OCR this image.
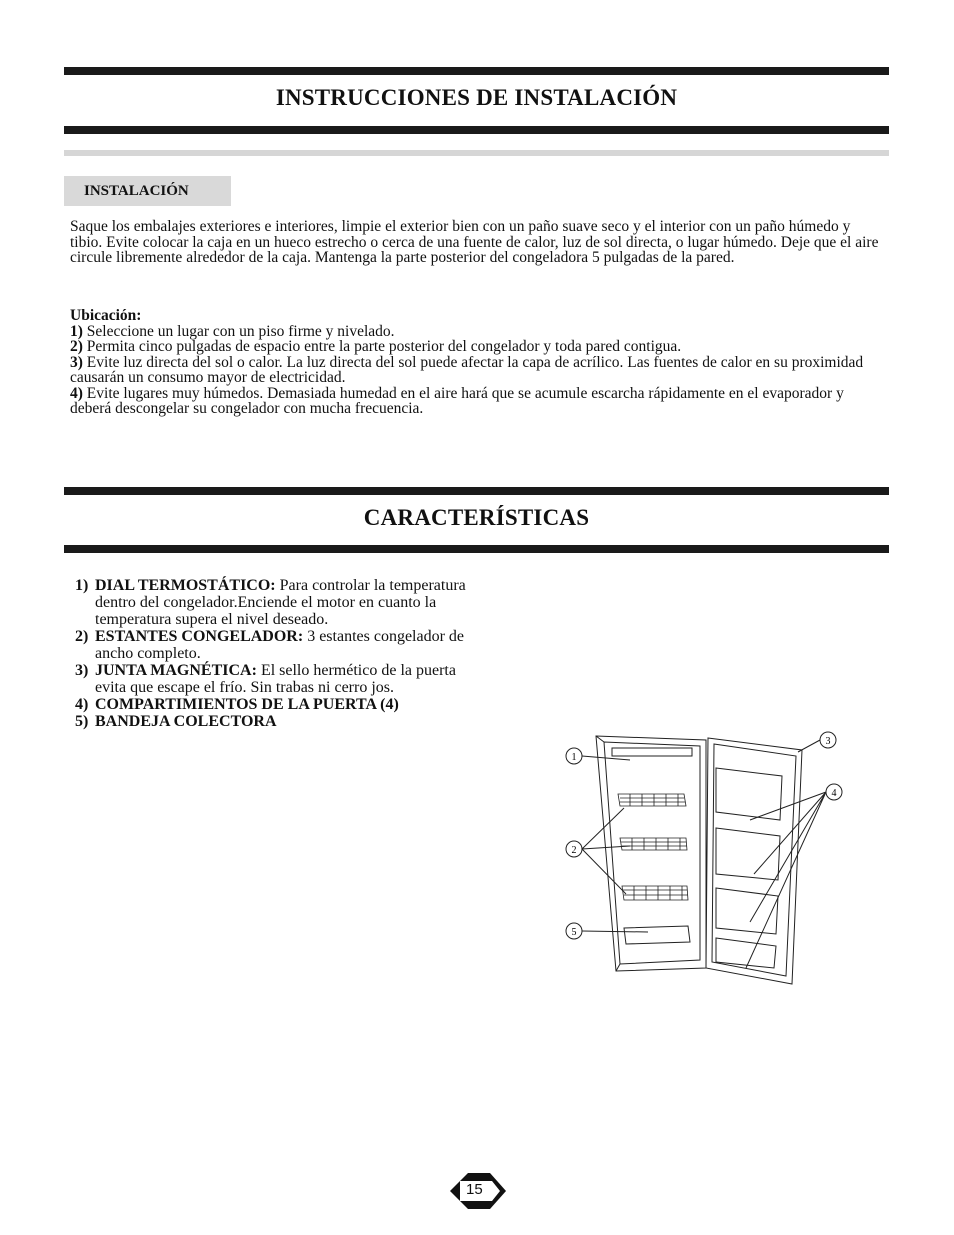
INSTRUCCIONES DE INSTALACIÓN
INSTALACIÓN
Saque los embalajes exteriores e interiores, limpie el exterior bien con un paño suave seco y el interior con un paño húmedo y tibio. Evite colocar la caja en un hueco estrecho o cerca de una fuente de calor, luz de sol directa, o lugar húmedo. Deje que el aire circule libremente alrededor de la caja. Mantenga la parte posterior del congeladora 5 pulgadas de la pared.

Ubicación:

1) Seleccione un lugar con un piso firme y nivelado.

2) Permita cinco pulgadas de espacio entre la parte posterior del congelador y toda pared contigua.

3) Evite luz directa del sol o calor. La luz directa del sol puede afectar la capa de acrílico. Las fuentes de calor en su proximidad causarán un consumo mayor de electricidad.

4) Evite lugares muy húmedos. Demasiada humedad en el aire hará que se acumule escarcha rápidamente en el evaporador y deberá descongelar su congelador con mucha frecuencia.

CARACTERÍSTICAS

1) DIAL TERMOSTÁTICO: Para controlar la temperatura dentro del congelador.Enciende el motor en cuanto la temperatura supera el nivel deseado.

2) ESTANTES CONGELADOR: 3 estantes congelador de ancho completo.

3) JUNTA MAGNÉTICA: El sello hermético de la puerta evita que escape el frío. Sin trabas ni cerro jos.

4) COMPARTIMIENTOS DE LA PUERTA (4)

5) BANDEJA COLECTORA

1
2
3
4
5
15
